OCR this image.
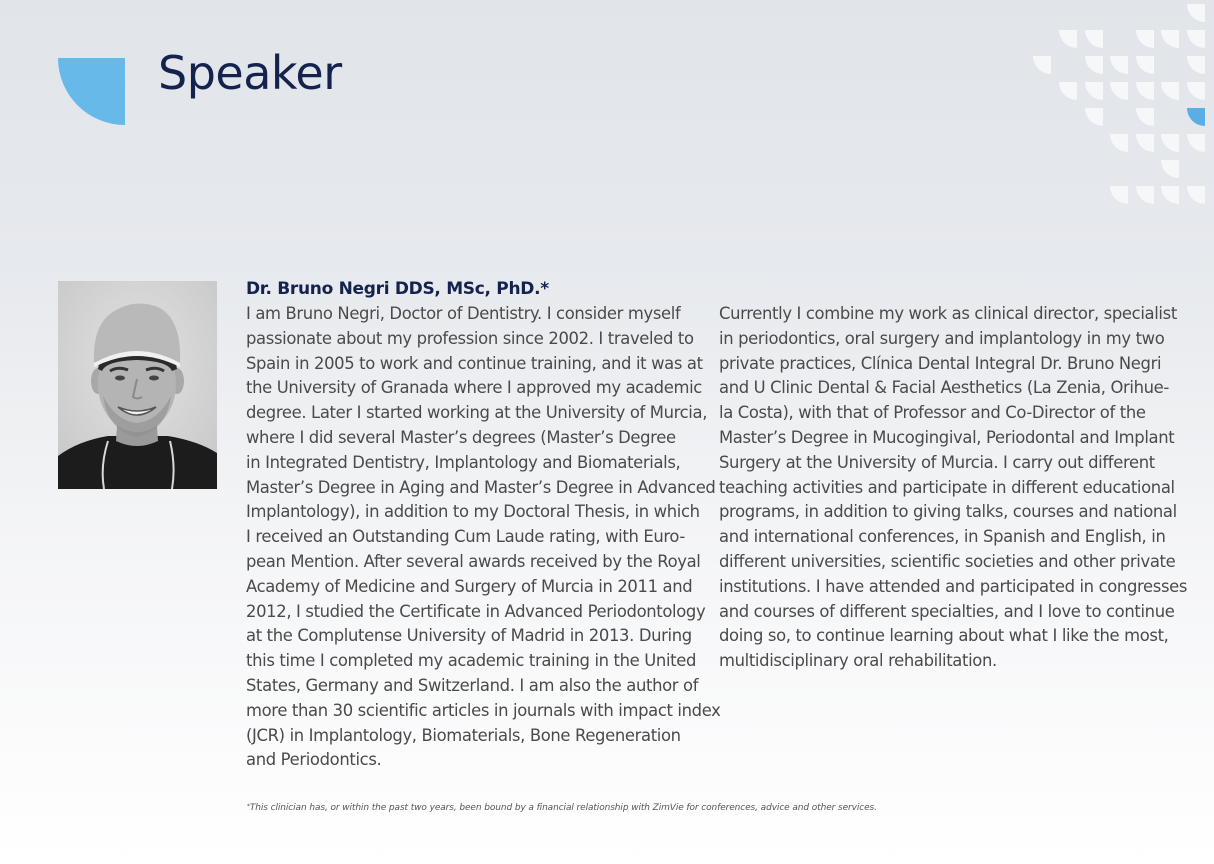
Speaker
Dr. Bruno Negri DDS, MSc, PhD.*
I am Bruno Negri, Doctor of Dentistry. I consider myself
passionate about my profession since 2002. I traveled to
Spain in 2005 to work and continue training, and it was at
the University of Granada where I approved my academic
degree. Later I started working at the University of Murcia,
where I did several Master’s degrees (Master’s Degree
in Integrated Dentistry, Implantology and Biomaterials,
Master’s Degree in Aging and Master’s Degree in Advanced
Implantology), in addition to my Doctoral Thesis, in which
I received an Outstanding Cum Laude rating, with Euro-
pean Mention. After several awards received by the Royal
Academy of Medicine and Surgery of Murcia in 2011 and
2012, I studied the Certificate in Advanced Periodontology
at the Complutense University of Madrid in 2013. During
this time I completed my academic training in the United
States, Germany and Switzerland. I am also the author of
more than 30 scientific articles in journals with impact index
(JCR) in Implantology, Biomaterials, Bone Regeneration
and Periodontics.
Currently I combine my work as clinical director, specialist
in periodontics, oral surgery and implantology in my two
private practices, Clínica Dental Integral Dr. Bruno Negri
and U Clinic Dental & Facial Aesthetics (La Zenia, Orihue-
la Costa), with that of Professor and Co-Director of the
Master’s Degree in Mucogingival, Periodontal and Implant
Surgery at the University of Murcia. I carry out different
teaching activities and participate in different educational
programs, in addition to giving talks, courses and national
and international conferences, in Spanish and English, in
different universities, scientific societies and other private
institutions. I have attended and participated in congresses
and courses of different specialties, and I love to continue
doing so, to continue learning about what I like the most,
multidisciplinary oral rehabilitation.
*This clinician has, or within the past two years, been bound by a financial relationship with ZimVie for conferences, advice and other services.
